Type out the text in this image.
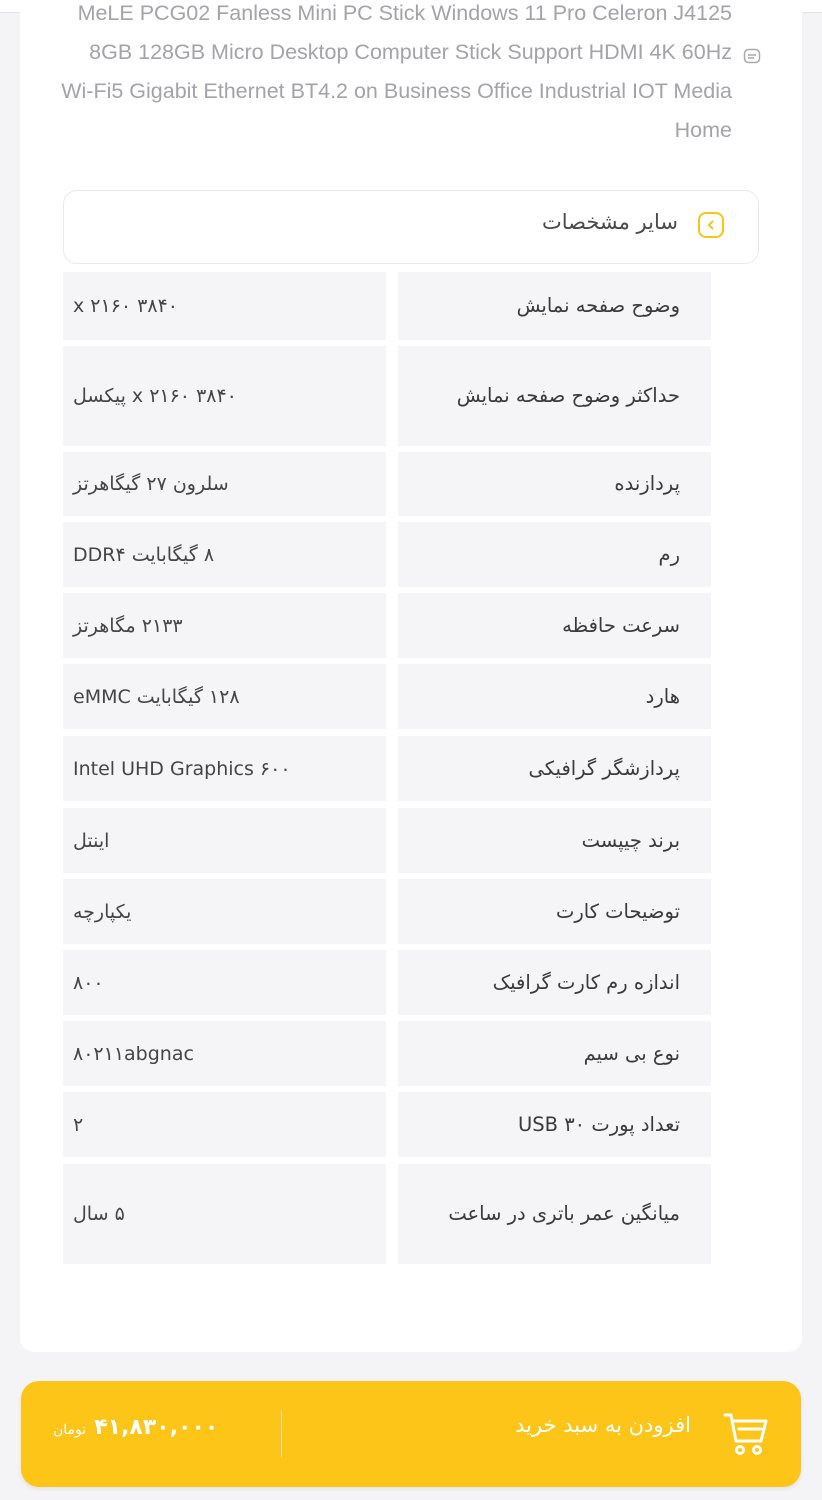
MeLE PCG02 Fanless Mini PC Stick Windows 11 Pro Celeron J4125 8GB 128GB Micro Desktop Computer Stick Support HDMI 4K 60Hz Wi-Fi5 Gigabit Ethernet BT4.2 on Business Office Industrial IOT Media Home

سایر مشخصات
۳۸۴۰ x ۲۱۶۰	وضوح صفحه نمایش
۳۸۴۰ x ۲۱۶۰ پیکسل	حداکثر وضوح صفحه نمایش
سلرون ۲۷ گیگاهرتز	پردازنده
۸ گیگابایت DDR۴	رم
۲۱۳۳ مگاهرتز	سرعت حافظه
۱۲۸ گیگابایت eMMC	هارد
Intel UHD Graphics ۶۰۰	پردازشگر گرافیکی
اینتل	برند چیپست
یکپارچه	توضیحات کارت
۸۰۰	اندازه رم کارت گرافیک
۸۰۲۱۱abgnac	نوع بی سیم
۲	تعداد پورت USB ۳۰
۵ سال	میانگین عمر باتری در ساعت
افزودن به سبد خرید
۴۱,۸۳۰,۰۰۰
تومان
